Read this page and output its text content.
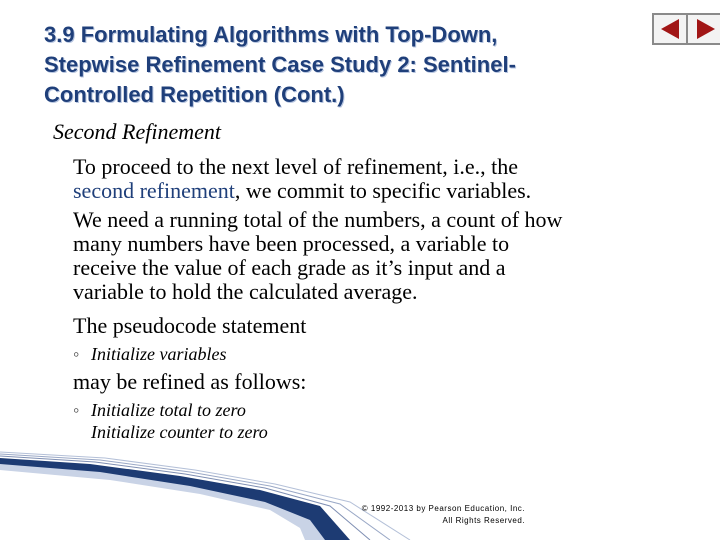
3.9 Formulating Algorithms with Top-Down,
Stepwise Refinement Case Study 2: Sentinel-
Controlled Repetition (Cont.)
Second Refinement
To proceed to the next level of refinement, i.e., the
second refinement, we commit to specific variables.
We need a running total of the numbers, a count of how
many numbers have been processed, a variable to
receive the value of each grade as it’s input and a
variable to hold the calculated average.
The pseudocode statement
◦ Initialize variables
may be refined as follows:
◦ Initialize total to zero
Initialize counter to zero
© 1992-2013 by Pearson Education, Inc.
All Rights Reserved.
